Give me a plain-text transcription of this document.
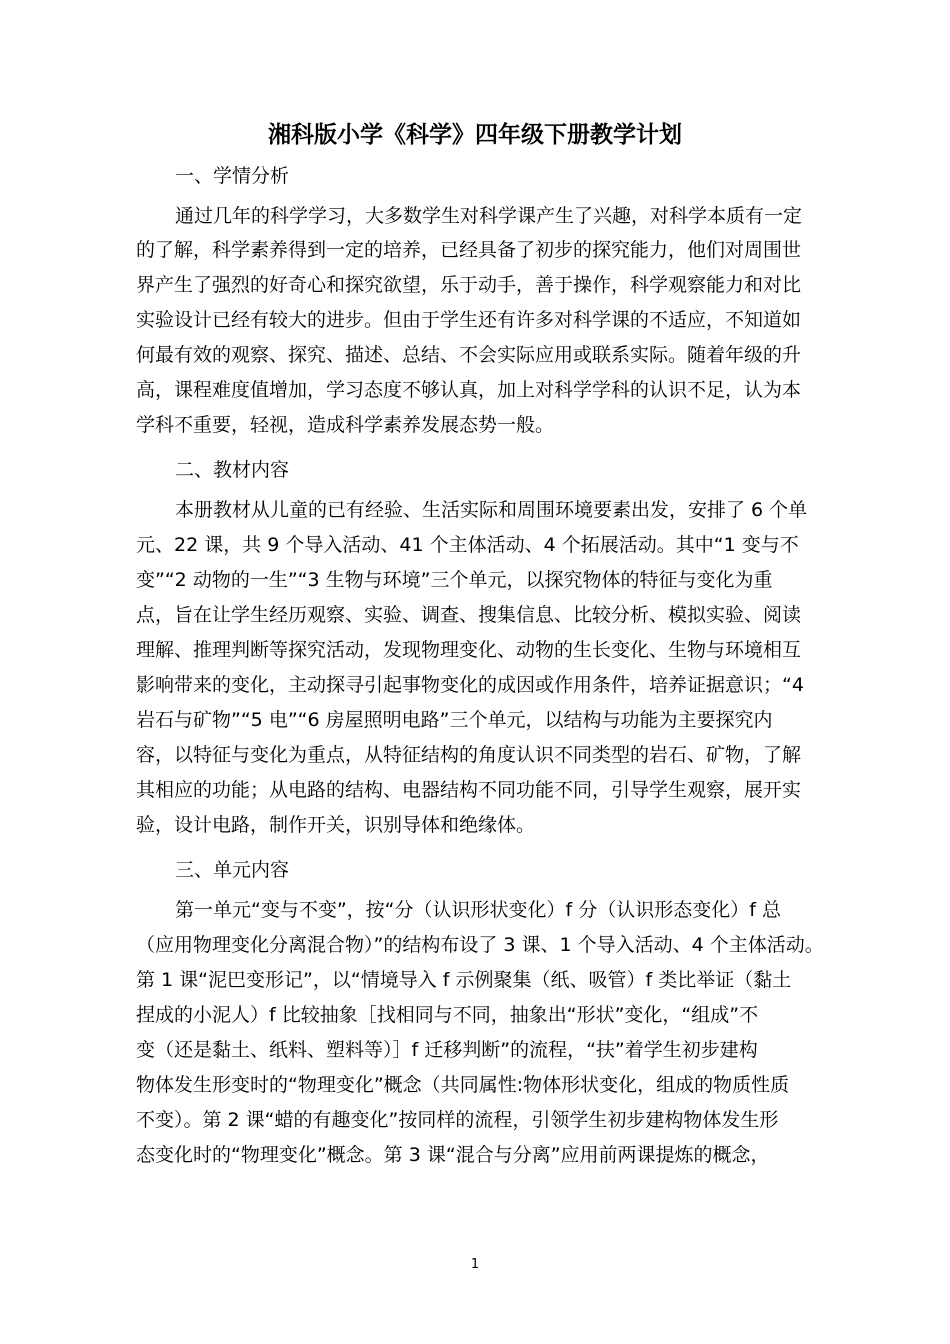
湘科版小学《科学》四年级下册教学计划
一、学情分析
通过几年的科学学习，大多数学生对科学课产生了兴趣，对科学本质有一定
的了解，科学素养得到一定的培养，已经具备了初步的探究能力，他们对周围世
界产生了强烈的好奇心和探究欲望，乐于动手，善于操作，科学观察能力和对比
实验设计已经有较大的进步。但由于学生还有许多对科学课的不适应，不知道如
何最有效的观察、探究、描述、总结、不会实际应用或联系实际。随着年级的升
高，课程难度值增加，学习态度不够认真，加上对科学学科的认识不足，认为本
学科不重要，轻视，造成科学素养发展态势一般。
二、教材内容
本册教材从儿童的已有经验、生活实际和周围环境要素出发，安排了 6 个单
元、22 课，共 9 个导入活动、41 个主体活动、4 个拓展活动。其中“1 变与不
变”“2 动物的一生”“3 生物与环境”三个单元，以探究物体的特征与变化为重
点，旨在让学生经历观察、实验、调查、搜集信息、比较分析、模拟实验、阅读
理解、推理判断等探究活动，发现物理变化、动物的生长变化、生物与环境相互
影响带来的变化，主动探寻引起事物变化的成因或作用条件，培养证据意识；“4
岩石与矿物”“5 电”“6 房屋照明电路”三个单元，以结构与功能为主要探究内
容，以特征与变化为重点，从特征结构的角度认识不同类型的岩石、矿物，了解
其相应的功能；从电路的结构、电器结构不同功能不同，引导学生观察，展开实
验，设计电路，制作开关，识别导体和绝缘体。
三、单元内容
第一单元“变与不变”，按“分（认识形状变化）f 分（认识形态变化）f 总
（应用物理变化分离混合物）”的结构布设了 3 课、1 个导入活动、4 个主体活动。
第 1 课“泥巴变形记”，以“情境导入 f 示例聚集（纸、吸管）f 类比举证（黏土
捏成的小泥人）f 比较抽象［找相同与不同，抽象出“形状”变化，“组成”不
变（还是黏土、纸料、塑料等）］f 迁移判断”的流程，“扶”着学生初步建构
物体发生形变时的“物理变化”概念（共同属性:物体形状变化，组成的物质性质
不变）。第 2 课“蜡的有趣变化”按同样的流程，引领学生初步建构物体发生形
态变化时的“物理变化”概念。第 3 课“混合与分离”应用前两课提炼的概念，
1
